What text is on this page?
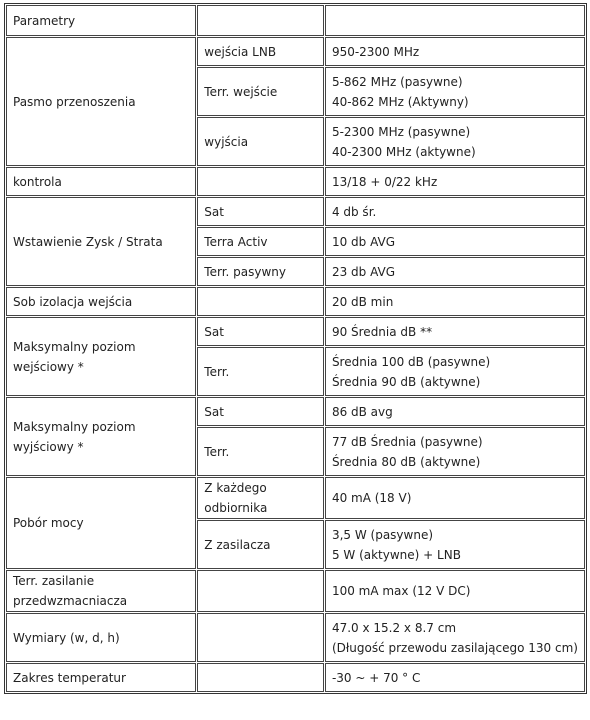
Parametry		

Pasmo przenoszenia	wejścia LNB	950-2300 MHz

	Terr. wejście	5-862 MHz (pasywne)
40-862 MHz (Aktywny)

	wyjścia	5-2300 MHz (pasywne)
40-2300 MHz (aktywne)

kontrola		13/18 + 0/22 kHz

Wstawienie Zysk / Strata	Sat	4 db śr.

	Terra Activ	10 db AVG

	Terr. pasywny	23 db AVG

Sob izolacja wejścia		20 dB min

Maksymalny poziom wejściowy *	Sat	90 Średnia dB **

	Terr.	Średnia 100 dB (pasywne)
Średnia 90 dB (aktywne)

Maksymalny poziom wyjściowy *	Sat	86 dB avg

	Terr.	77 dB Średnia (pasywne)
Średnia 80 dB (aktywne)

Pobór mocy	Z każdego odbiornika	40 mA (18 V)

	Z zasilacza	3,5 W (pasywne)
5 W (aktywne) + LNB

Terr. zasilanie przedwzmacniacza		100 mA max (12 V DC)

Wymiary (w, d, h)		47.0 x 15.2 x 8.7 cm
(Długość przewodu zasilającego 130 cm)

Zakres temperatur		-30 ~ + 70 ° C
